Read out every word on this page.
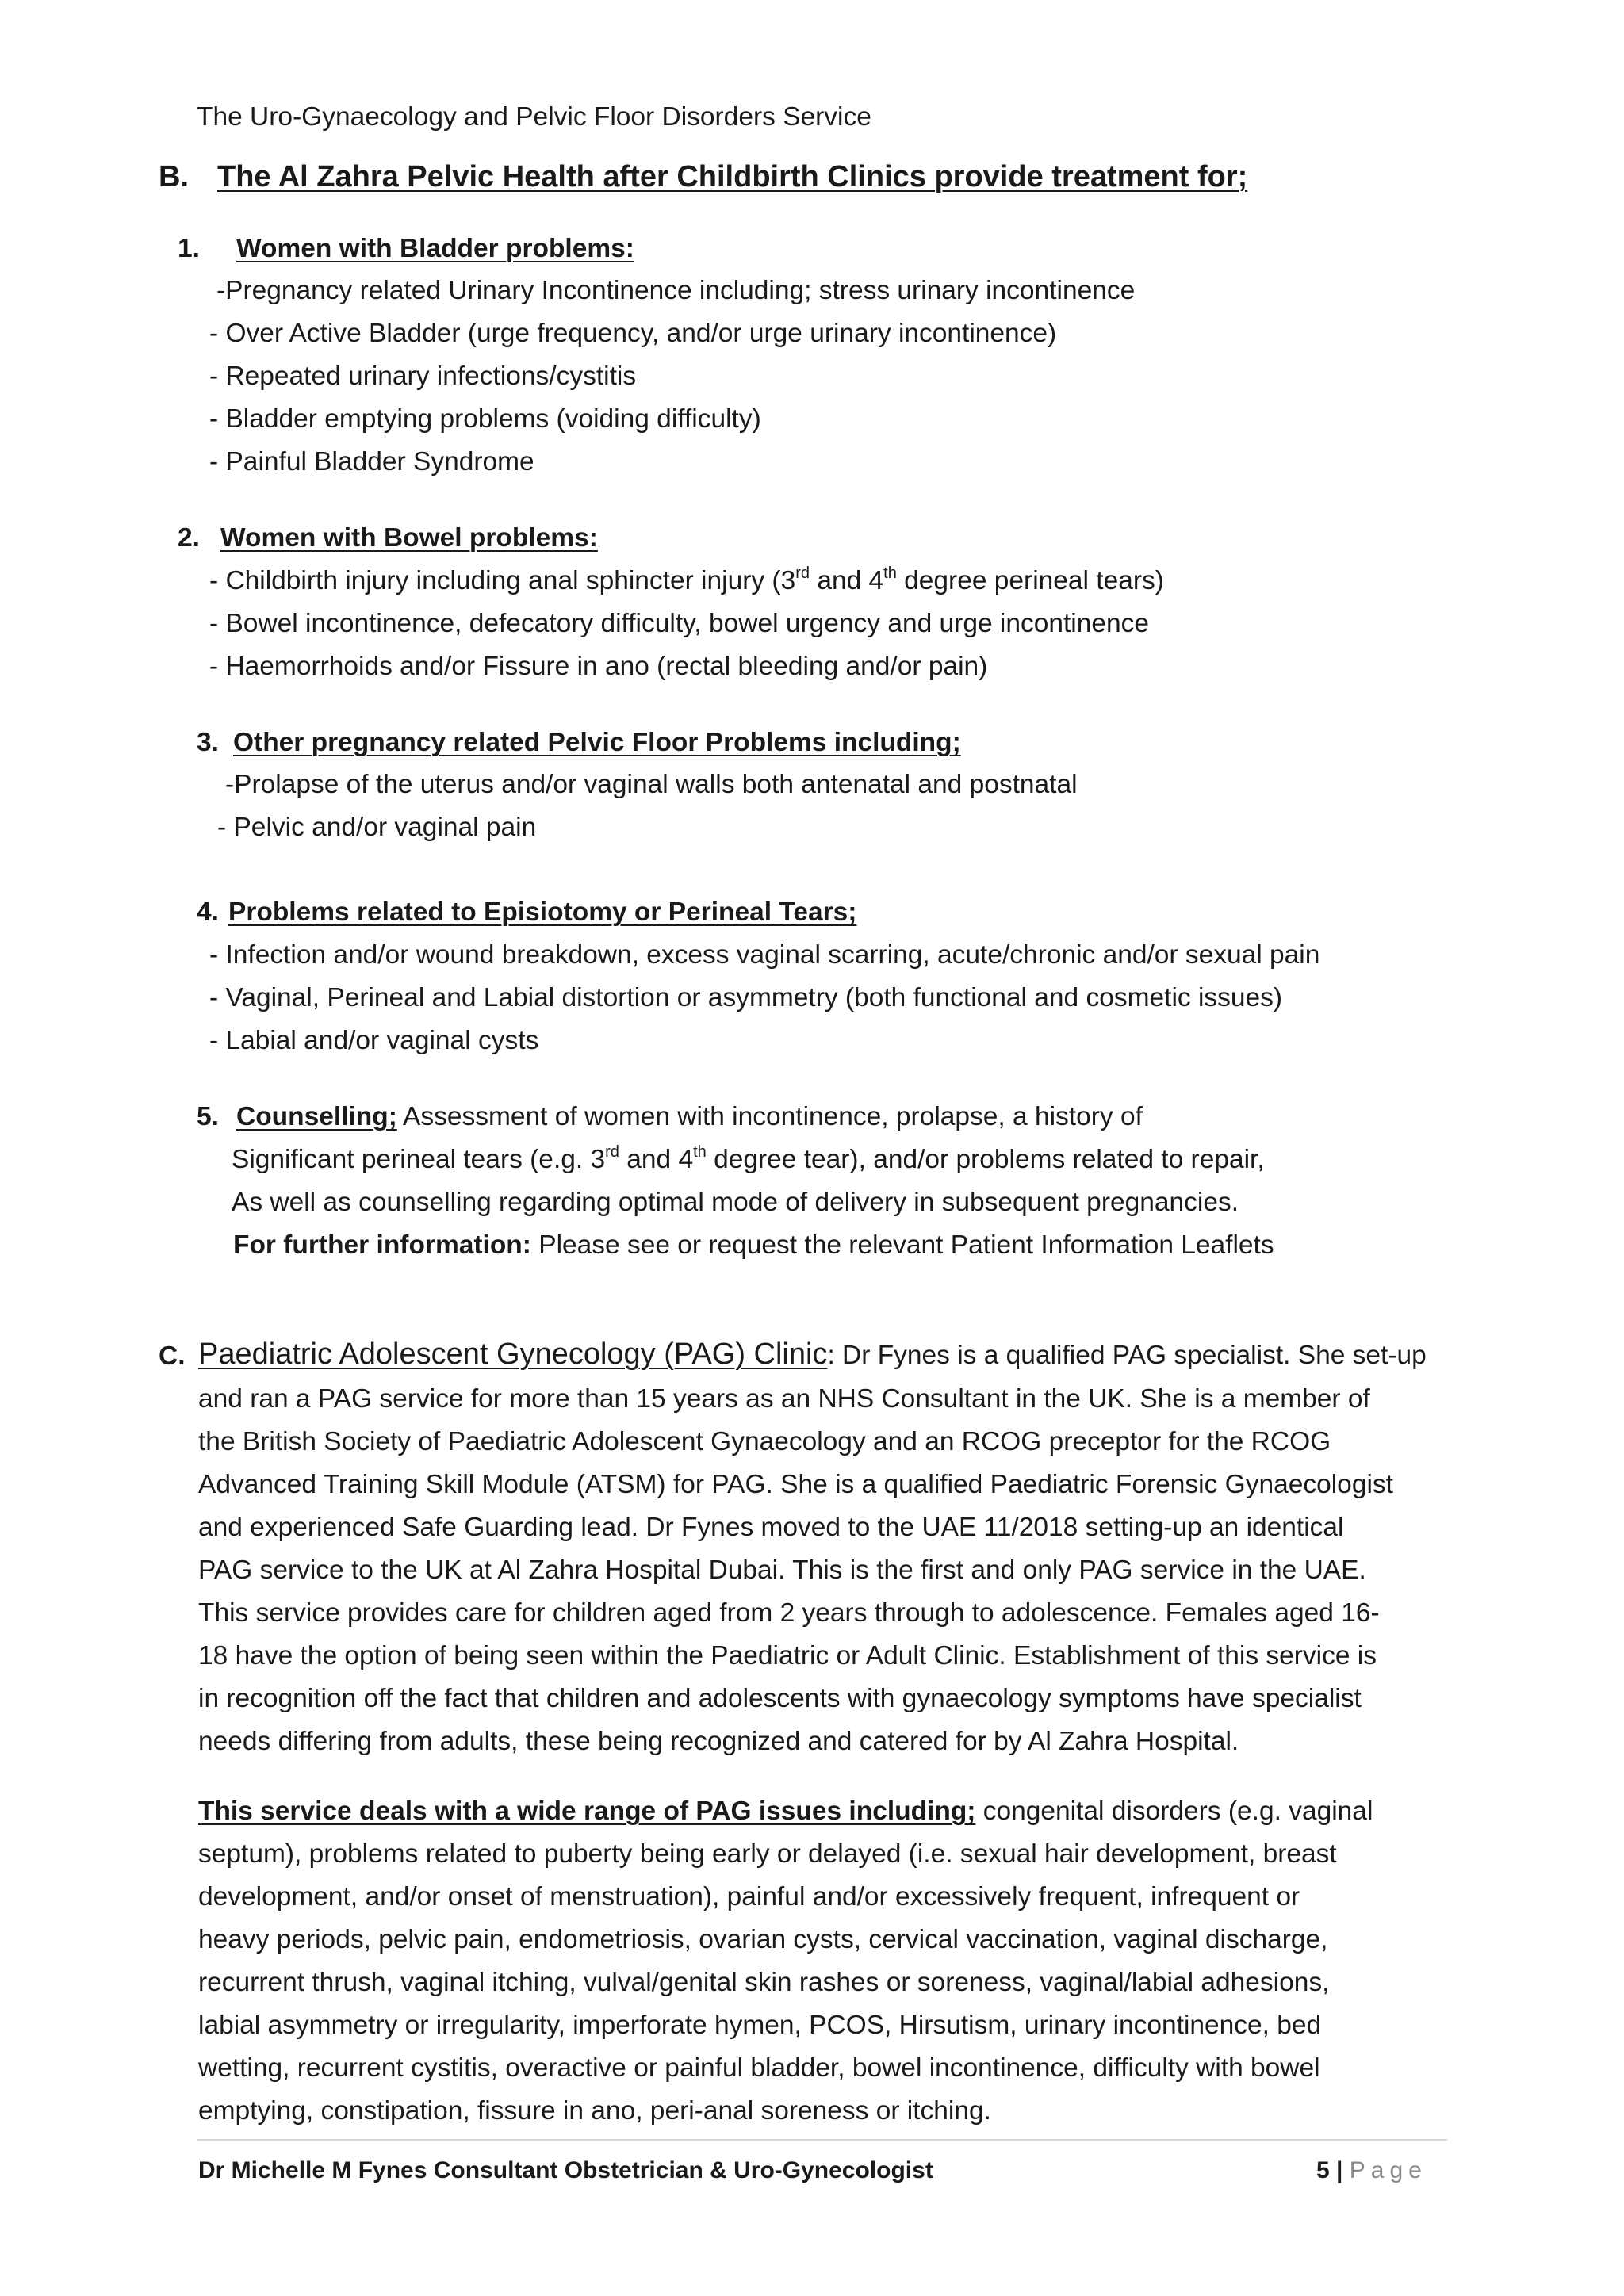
The Uro-Gynaecology and Pelvic Floor Disorders Service
B. The Al Zahra Pelvic Health after Childbirth Clinics provide treatment for;
1. Women with Bladder problems:
-Pregnancy related Urinary Incontinence including; stress urinary incontinence
- Over Active Bladder (urge frequency, and/or urge urinary incontinence)
- Repeated urinary infections/cystitis
- Bladder emptying problems (voiding difficulty)
- Painful Bladder Syndrome
2. Women with Bowel problems:
- Childbirth injury including anal sphincter injury (3rd and 4th degree perineal tears)
- Bowel incontinence, defecatory difficulty, bowel urgency and urge incontinence
- Haemorrhoids and/or Fissure in ano (rectal bleeding and/or pain)
3. Other pregnancy related Pelvic Floor Problems including;
-Prolapse of the uterus and/or vaginal walls both antenatal and postnatal
- Pelvic and/or vaginal pain
4. Problems related to Episiotomy or Perineal Tears;
- Infection and/or wound breakdown, excess vaginal scarring, acute/chronic and/or sexual pain
- Vaginal, Perineal and Labial distortion or asymmetry (both functional and cosmetic issues)
- Labial and/or vaginal cysts
5. Counselling; Assessment of women with incontinence, prolapse, a history of
Significant perineal tears (e.g. 3rd and 4th degree tear), and/or problems related to repair,
As well as counselling regarding optimal mode of delivery in subsequent pregnancies.
For further information: Please see or request the relevant Patient Information Leaflets
C. Paediatric Adolescent Gynecology (PAG) Clinic: Dr Fynes is a qualified PAG specialist. She set-up
and ran a PAG service for more than 15 years as an NHS Consultant in the UK. She is a member of
the British Society of Paediatric Adolescent Gynaecology and an RCOG preceptor for the RCOG
Advanced Training Skill Module (ATSM) for PAG. She is a qualified Paediatric Forensic Gynaecologist
and experienced Safe Guarding lead. Dr Fynes moved to the UAE 11/2018 setting-up an identical
PAG service to the UK at Al Zahra Hospital Dubai. This is the first and only PAG service in the UAE.
This service provides care for children aged from 2 years through to adolescence. Females aged 16-
18 have the option of being seen within the Paediatric or Adult Clinic. Establishment of this service is
in recognition off the fact that children and adolescents with gynaecology symptoms have specialist
needs differing from adults, these being recognized and catered for by Al Zahra Hospital.
This service deals with a wide range of PAG issues including; congenital disorders (e.g. vaginal
septum), problems related to puberty being early or delayed (i.e. sexual hair development, breast
development, and/or onset of menstruation), painful and/or excessively frequent, infrequent or
heavy periods, pelvic pain, endometriosis, ovarian cysts, cervical vaccination, vaginal discharge,
recurrent thrush, vaginal itching, vulval/genital skin rashes or soreness, vaginal/labial adhesions,
labial asymmetry or irregularity, imperforate hymen, PCOS, Hirsutism, urinary incontinence, bed
wetting, recurrent cystitis, overactive or painful bladder, bowel incontinence, difficulty with bowel
emptying, constipation, fissure in ano, peri-anal soreness or itching.
Dr Michelle M Fynes Consultant Obstetrician & Uro-Gynecologist	5 | Page
